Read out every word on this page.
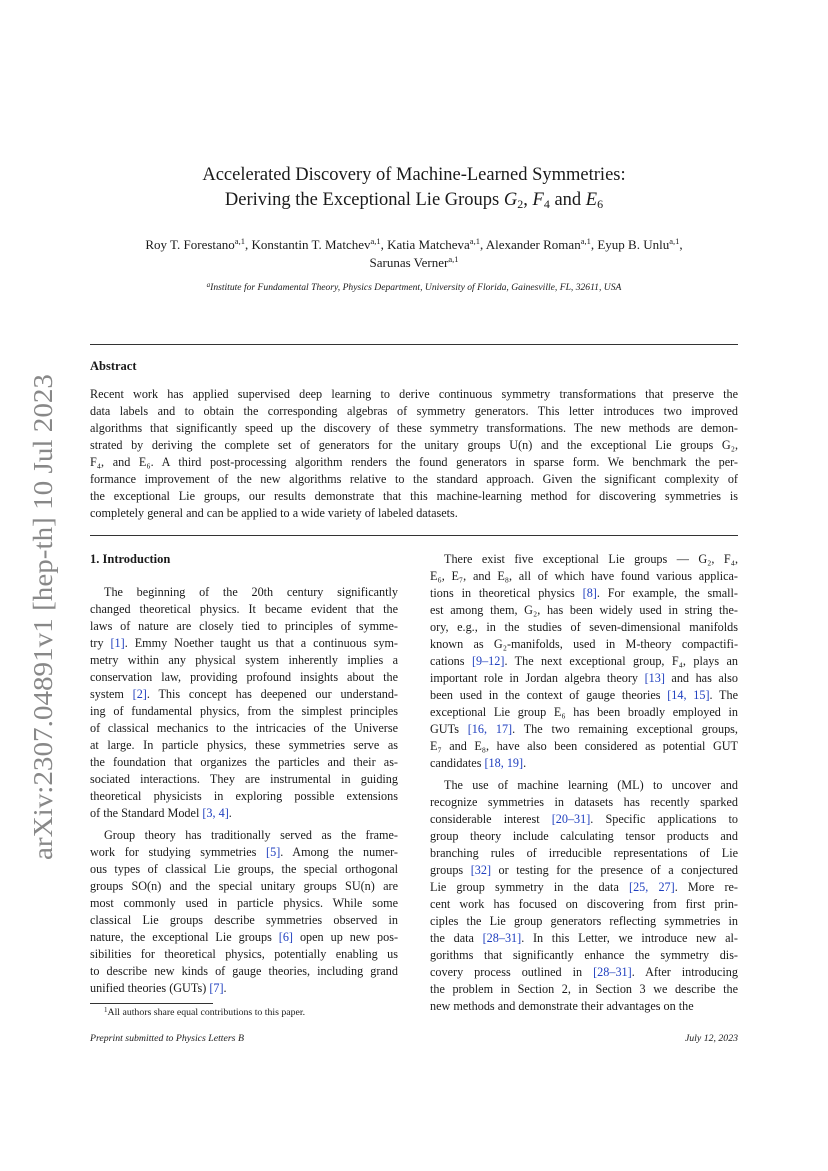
arXiv:2307.04891v1 [hep-th] 10 Jul 2023
Accelerated Discovery of Machine-Learned Symmetries:
Deriving the Exceptional Lie Groups $G_2$, $F_4$ and $E_6$
Roy T. Forestano$^{a,1}$, Konstantin T. Matchev$^{a,1}$, Katia Matcheva$^{a,1}$, Alexander Roman$^{a,1}$, Eyup B. Unlu$^{a,1}$,
Sarunas Verner$^{a,1}$
$^a$Institute for Fundamental Theory, Physics Department, University of Florida, Gainesville, FL, 32611, USA
Abstract
Recent work has applied supervised deep learning to derive continuous symmetry transformations that preserve the
data labels and to obtain the corresponding algebras of symmetry generators. This letter introduces two improved
algorithms that significantly speed up the discovery of these symmetry transformations. The new methods are demon-
strated by deriving the complete set of generators for the unitary groups U(n) and the exceptional Lie groups G₂,
F₄, and E₆. A third post-processing algorithm renders the found generators in sparse form. We benchmark the per-
formance improvement of the new algorithms relative to the standard approach. Given the significant complexity of
the exceptional Lie groups, our results demonstrate that this machine-learning method for discovering symmetries is
completely general and can be applied to a wide variety of labeled datasets.
1. Introduction
The beginning of the 20th century significantly
changed theoretical physics. It became evident that the
laws of nature are closely tied to principles of symme-
try [1]. Emmy Noether taught us that a continuous sym-
metry within any physical system inherently implies a
conservation law, providing profound insights about the
system [2]. This concept has deepened our understand-
ing of fundamental physics, from the simplest principles
of classical mechanics to the intricacies of the Universe
at large. In particle physics, these symmetries serve as
the foundation that organizes the particles and their as-
sociated interactions. They are instrumental in guiding
theoretical physicists in exploring possible extensions
of the Standard Model [3, 4].
Group theory has traditionally served as the frame-
work for studying symmetries [5]. Among the numer-
ous types of classical Lie groups, the special orthogonal
groups SO(n) and the special unitary groups SU(n) are
most commonly used in particle physics. While some
classical Lie groups describe symmetries observed in
nature, the exceptional Lie groups [6] open up new pos-
sibilities for theoretical physics, potentially enabling us
to describe new kinds of gauge theories, including grand
unified theories (GUTs) [7].
There exist five exceptional Lie groups — G₂, F₄,
E₆, E₇, and E₈, all of which have found various applica-
tions in theoretical physics [8]. For example, the small-
est among them, G₂, has been widely used in string the-
ory, e.g., in the studies of seven-dimensional manifolds
known as G₂-manifolds, used in M-theory compactifi-
cations [9–12]. The next exceptional group, F₄, plays an
important role in Jordan algebra theory [13] and has also
been used in the context of gauge theories [14, 15]. The
exceptional Lie group E₆ has been broadly employed in
GUTs [16, 17]. The two remaining exceptional groups,
E₇ and E₈, have also been considered as potential GUT
candidates [18, 19].
The use of machine learning (ML) to uncover and
recognize symmetries in datasets has recently sparked
considerable interest [20–31]. Specific applications to
group theory include calculating tensor products and
branching rules of irreducible representations of Lie
groups [32] or testing for the presence of a conjectured
Lie group symmetry in the data [25, 27]. More re-
cent work has focused on discovering from first prin-
ciples the Lie group generators reflecting symmetries in
the data [28–31]. In this Letter, we introduce new al-
gorithms that significantly enhance the symmetry dis-
covery process outlined in [28–31]. After introducing
the problem in Section 2, in Section 3 we describe the
new methods and demonstrate their advantages on the
$^1$All authors share equal contributions to this paper.
Preprint submitted to Physics Letters B	July 12, 2023
